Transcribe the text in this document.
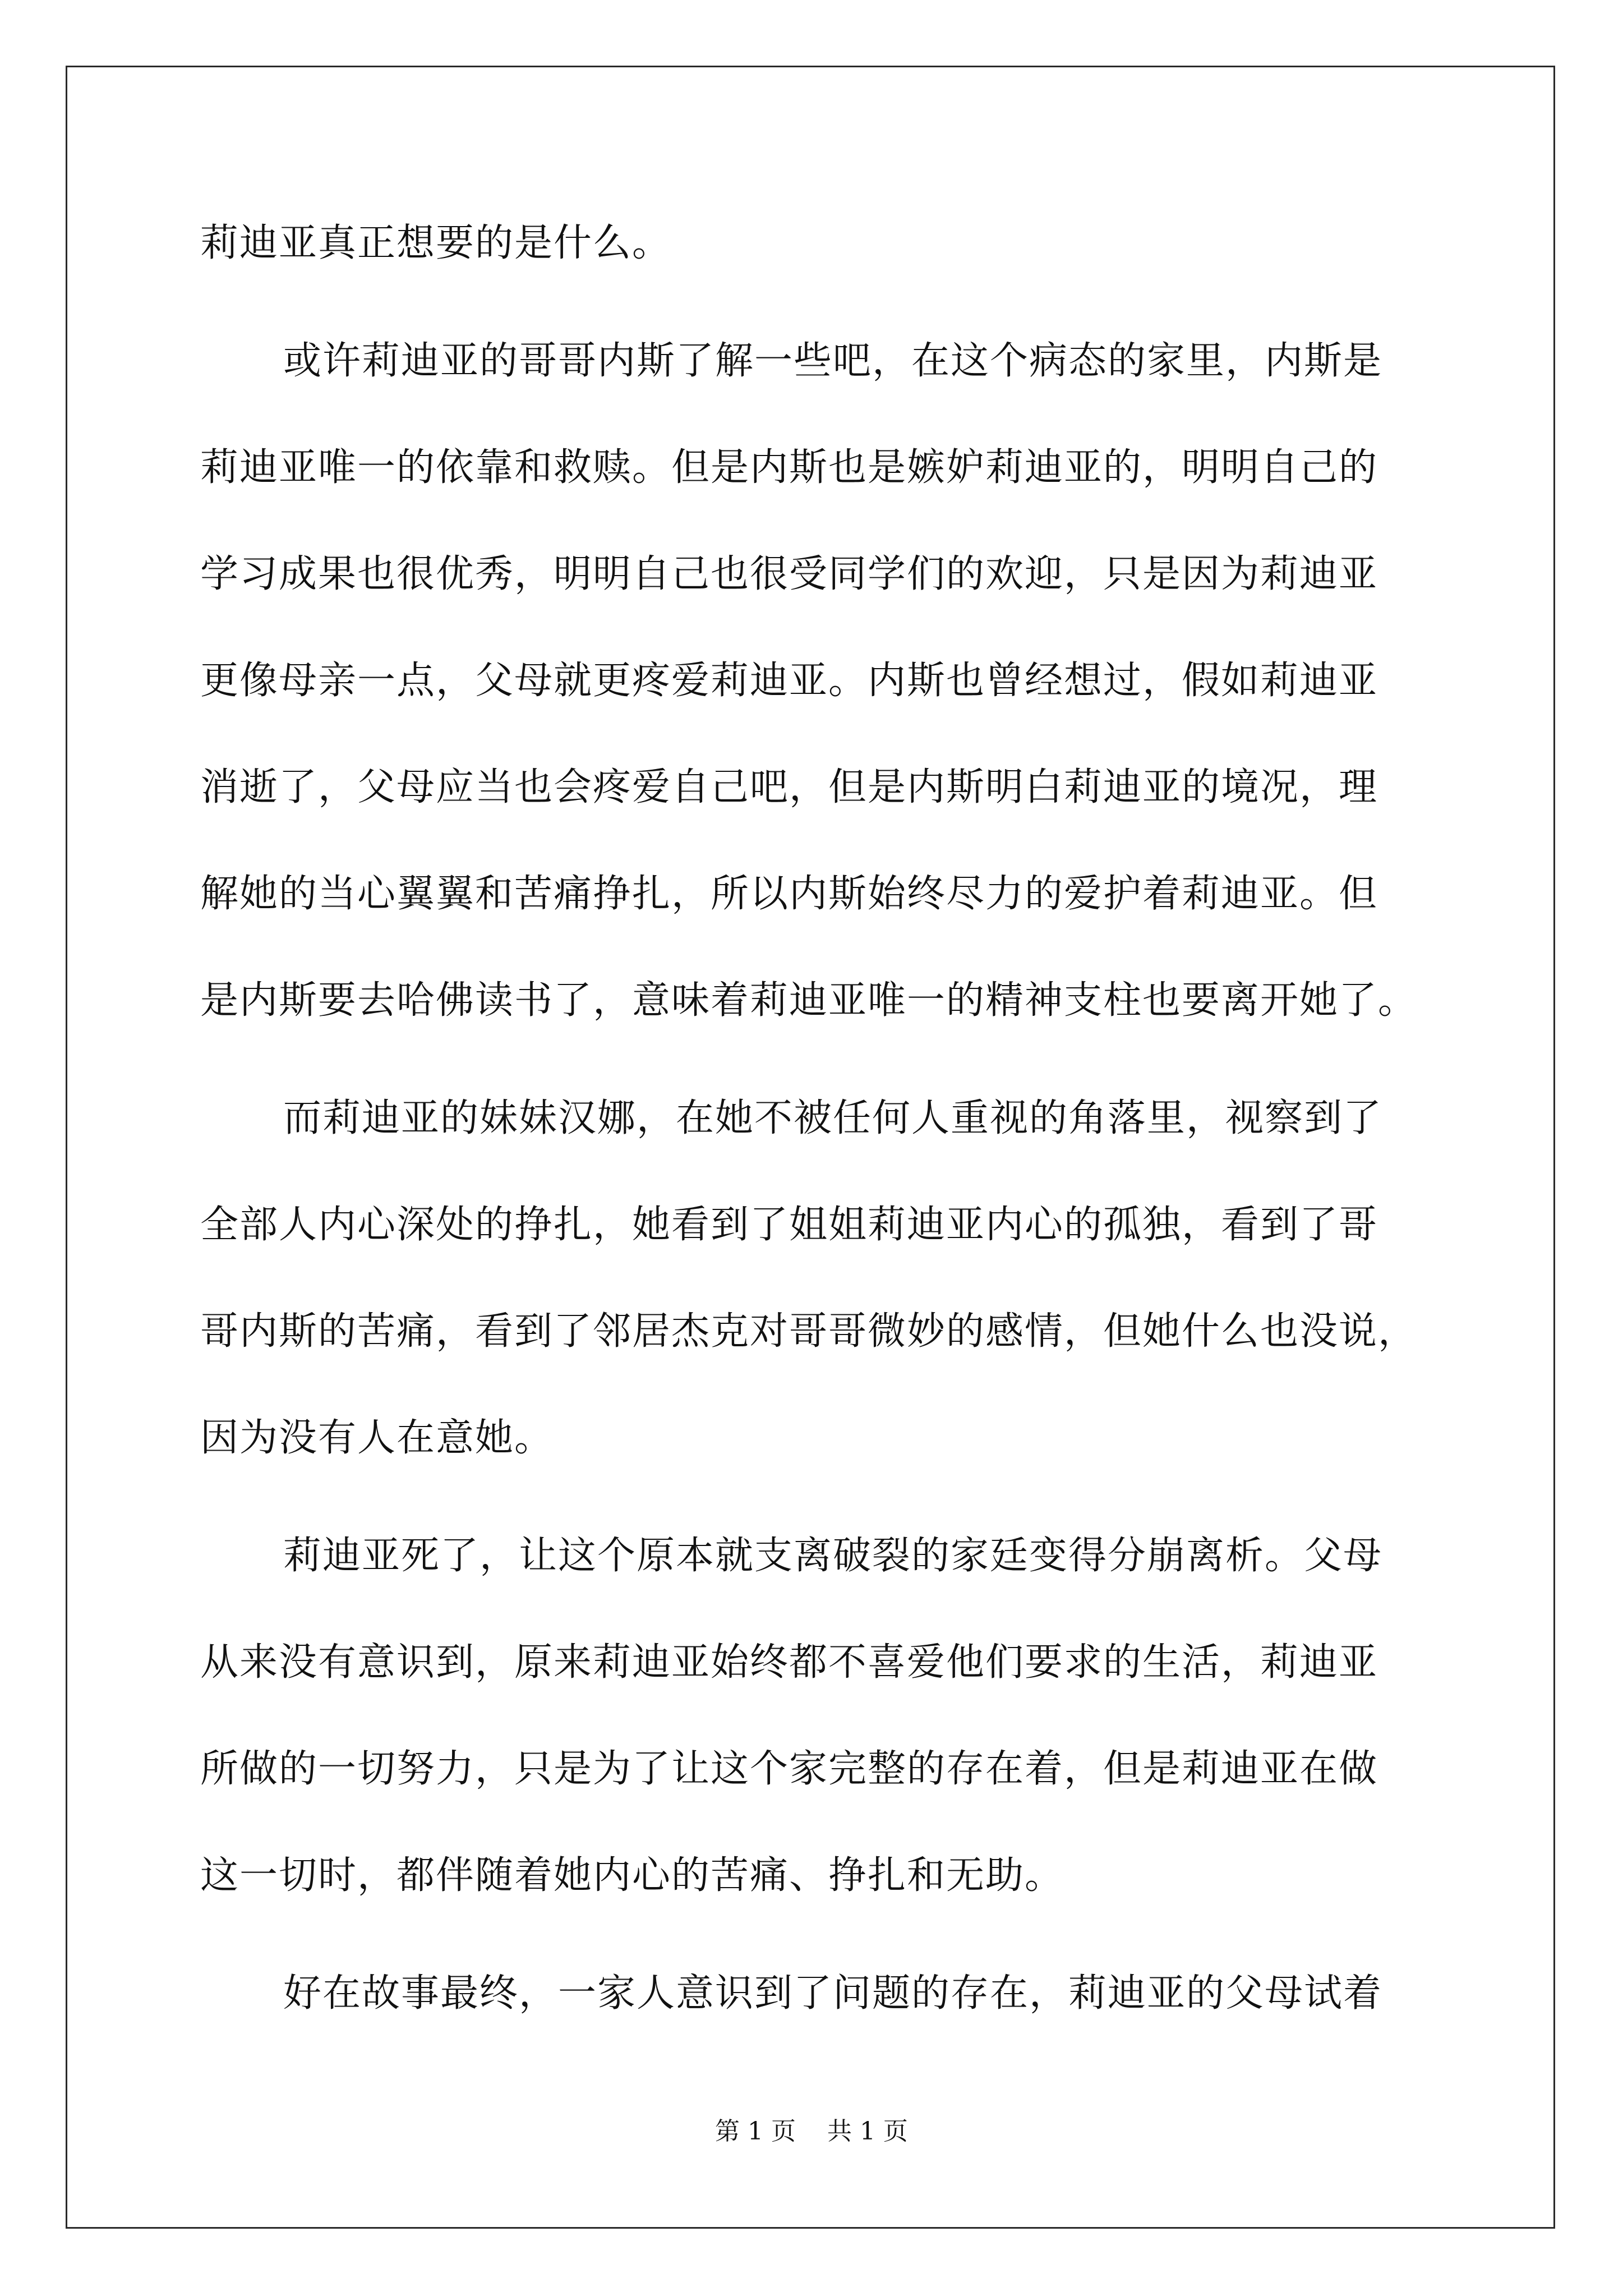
莉迪亚真正想要的是什么。
或许莉迪亚的哥哥内斯了解一些吧，在这个病态的家里，内斯是
莉迪亚唯一的依靠和救赎。但是内斯也是嫉妒莉迪亚的，明明自己的
学习成果也很优秀，明明自己也很受同学们的欢迎，只是因为莉迪亚
更像母亲一点，父母就更疼爱莉迪亚。内斯也曾经想过，假如莉迪亚
消逝了，父母应当也会疼爱自己吧，但是内斯明白莉迪亚的境况，理
解她的当心翼翼和苦痛挣扎，所以内斯始终尽力的爱护着莉迪亚。但
是内斯要去哈佛读书了，意味着莉迪亚唯一的精神支柱也要离开她了。
而莉迪亚的妹妹汉娜，在她不被任何人重视的角落里，视察到了
全部人内心深处的挣扎，她看到了姐姐莉迪亚内心的孤独，看到了哥
哥内斯的苦痛，看到了邻居杰克对哥哥微妙的感情，但她什么也没说，
因为没有人在意她。
莉迪亚死了，让这个原本就支离破裂的家廷变得分崩离析。父母
从来没有意识到，原来莉迪亚始终都不喜爱他们要求的生活，莉迪亚
所做的一切努力，只是为了让这个家完整的存在着，但是莉迪亚在做
这一切时，都伴随着她内心的苦痛、挣扎和无助。
好在故事最终，一家人意识到了问题的存在，莉迪亚的父母试着
第 1 页    共 1 页
